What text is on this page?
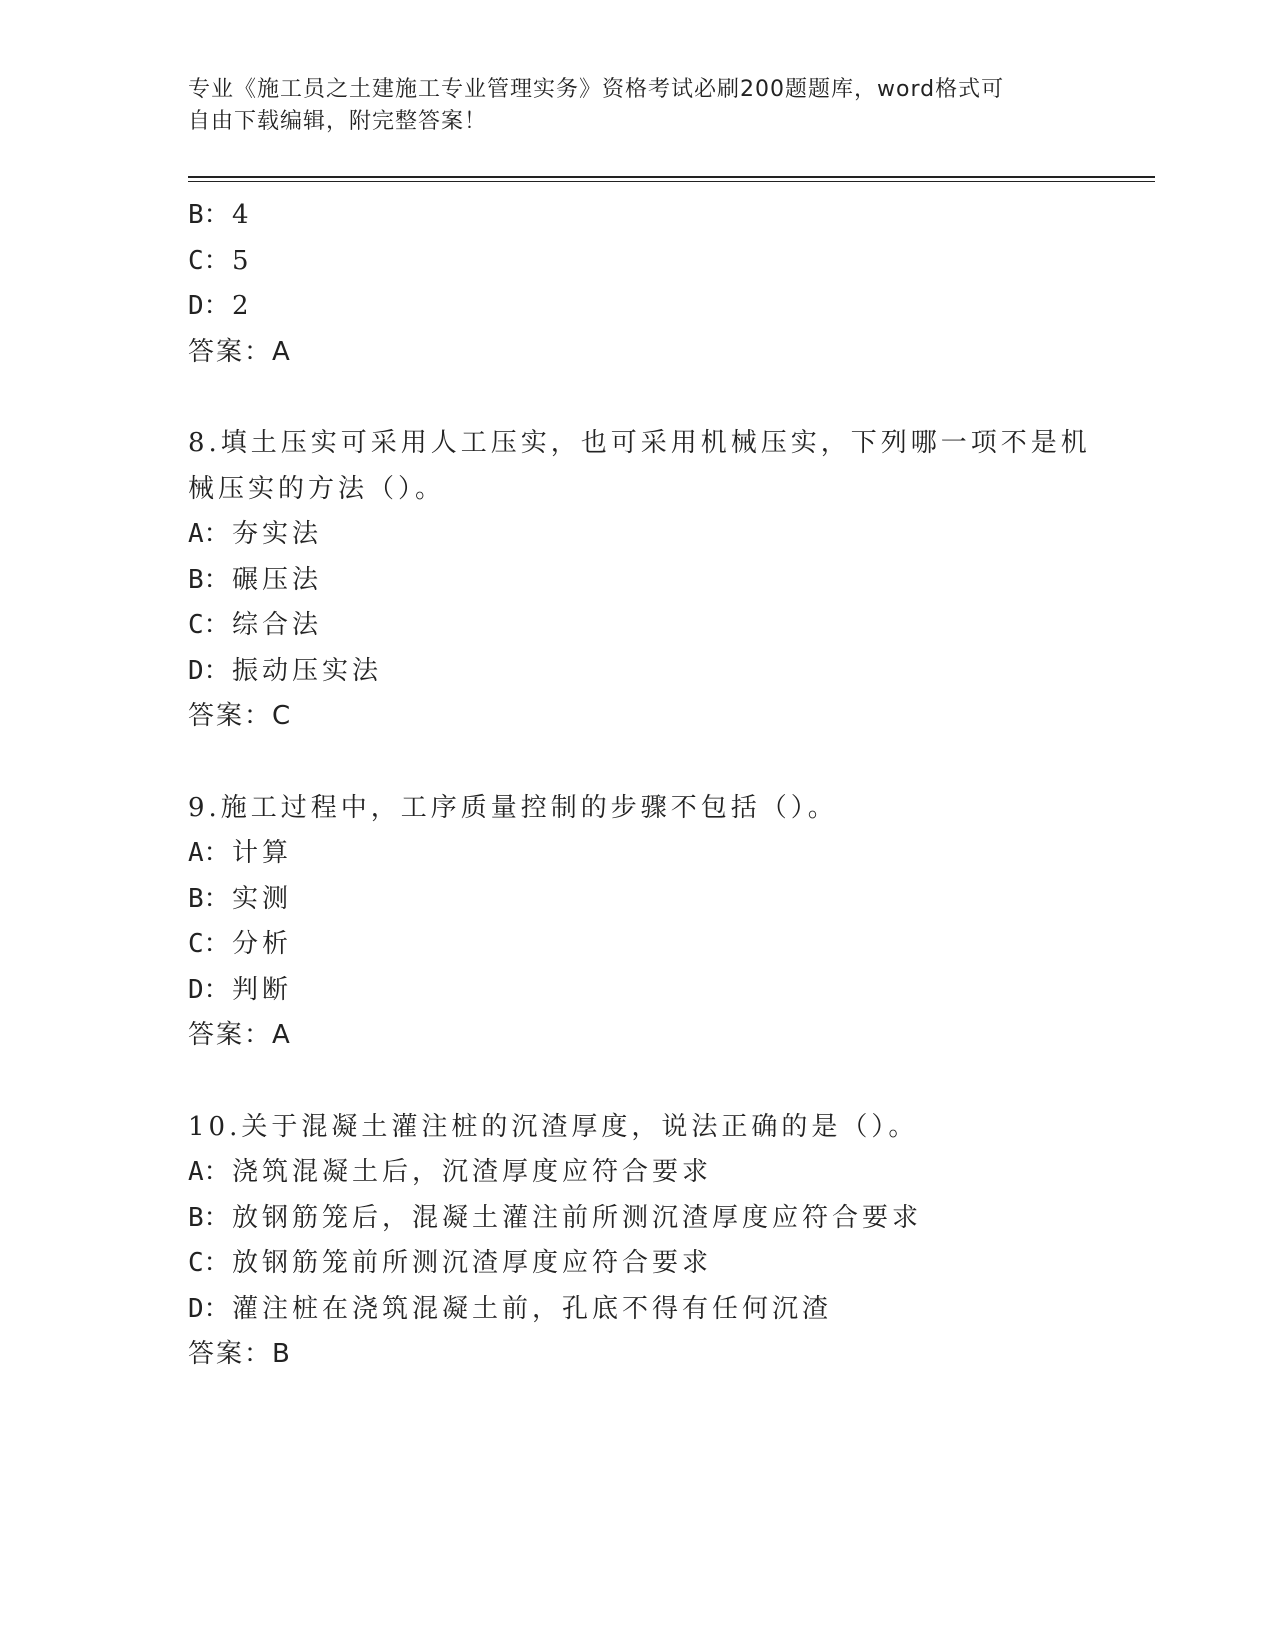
专业《施工员之土建施工专业管理实务》资格考试必刷200题题库，word格式可
自由下载编辑，附完整答案！
B：4
C：5
D：2
答案：A
8.填土压实可采用人工压实，也可采用机械压实，下列哪一项不是机
械压实的方法（）。
A：夯实法
B：碾压法
C：综合法
D：振动压实法
答案：C
9.施工过程中，工序质量控制的步骤不包括（）。
A：计算
B：实测
C：分析
D：判断
答案：A
10.关于混凝土灌注桩的沉渣厚度，说法正确的是（）。
A：浇筑混凝土后，沉渣厚度应符合要求
B：放钢筋笼后，混凝土灌注前所测沉渣厚度应符合要求
C：放钢筋笼前所测沉渣厚度应符合要求
D：灌注桩在浇筑混凝土前，孔底不得有任何沉渣
答案：B
